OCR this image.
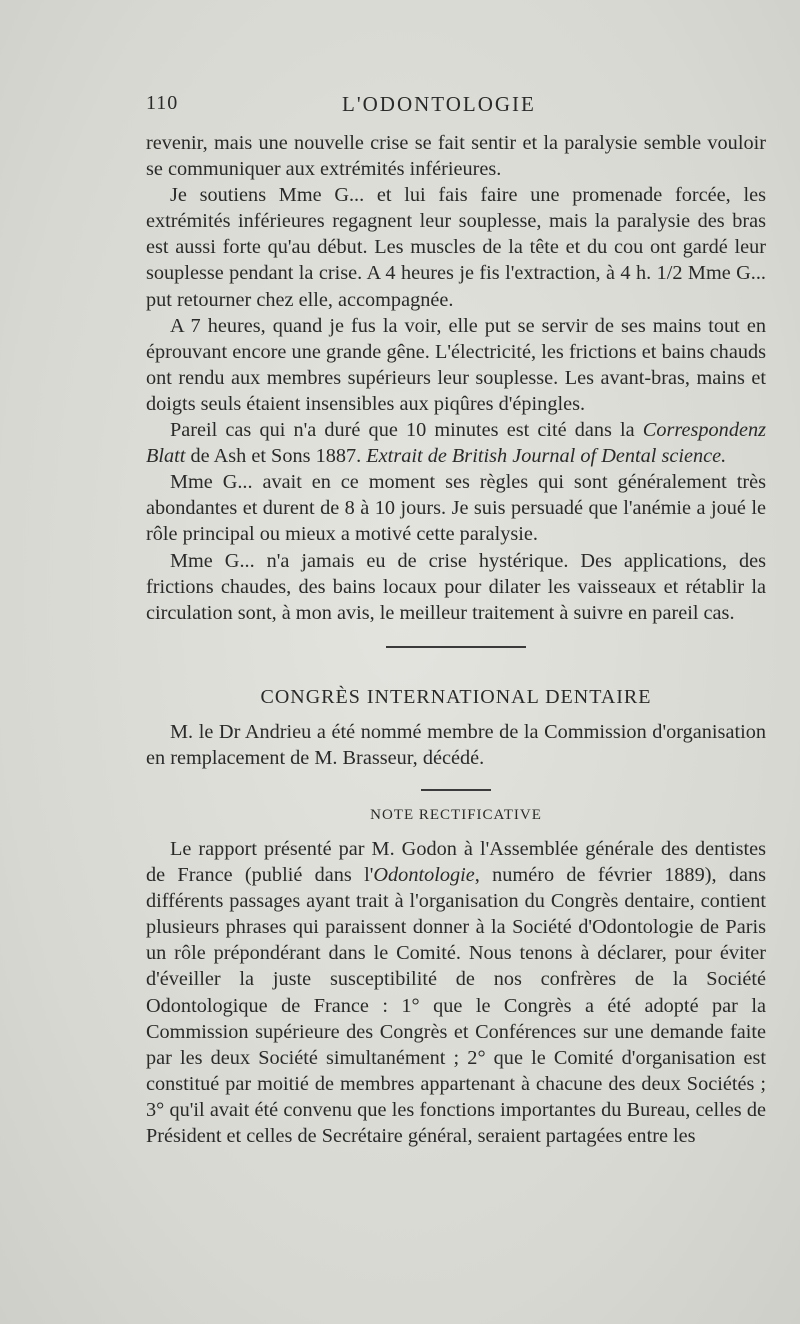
110	L'ODONTOLOGIE

revenir, mais une nouvelle crise se fait sentir et la paralysie semble vouloir se communiquer aux extrémités inférieures.

Je soutiens Mme G... et lui fais faire une promenade forcée, les extrémités inférieures regagnent leur souplesse, mais la paralysie des bras est aussi forte qu'au début. Les muscles de la tête et du cou ont gardé leur souplesse pendant la crise. A 4 heures je fis l'extraction, à 4 h. 1/2 Mme G... put retourner chez elle, accompagnée.

A 7 heures, quand je fus la voir, elle put se servir de ses mains tout en éprouvant encore une grande gêne. L'électricité, les frictions et bains chauds ont rendu aux membres supérieurs leur souplesse. Les avant-bras, mains et doigts seuls étaient insensibles aux piqûres d'épingles.

Pareil cas qui n'a duré que 10 minutes est cité dans la Correspondenz Blatt de Ash et Sons 1887. Extrait de British Journal of Dental science.

Mme G... avait en ce moment ses règles qui sont généralement très abondantes et durent de 8 à 10 jours. Je suis persuadé que l'anémie a joué le rôle principal ou mieux a motivé cette paralysie.

Mme G... n'a jamais eu de crise hystérique. Des applications, des frictions chaudes, des bains locaux pour dilater les vaisseaux et rétablir la circulation sont, à mon avis, le meilleur traitement à suivre en pareil cas.

CONGRÈS INTERNATIONAL DENTAIRE

M. le Dr Andrieu a été nommé membre de la Commission d'organisation en remplacement de M. Brasseur, décédé.

NOTE RECTIFICATIVE

Le rapport présenté par M. Godon à l'Assemblée générale des dentistes de France (publié dans l'Odontologie, numéro de février 1889), dans différents passages ayant trait à l'organisation du Congrès dentaire, contient plusieurs phrases qui paraissent donner à la Société d'Odontologie de Paris un rôle prépondérant dans le Comité. Nous tenons à déclarer, pour éviter d'éveiller la juste susceptibilité de nos confrères de la Société Odontologique de France : 1° que le Congrès a été adopté par la Commission supérieure des Congrès et Conférences sur une demande faite par les deux Société simultanément ; 2° que le Comité d'organisation est constitué par moitié de membres appartenant à chacune des deux Sociétés ; 3° qu'il avait été convenu que les fonctions importantes du Bureau, celles de Président et celles de Secrétaire général, seraient partagées entre les
